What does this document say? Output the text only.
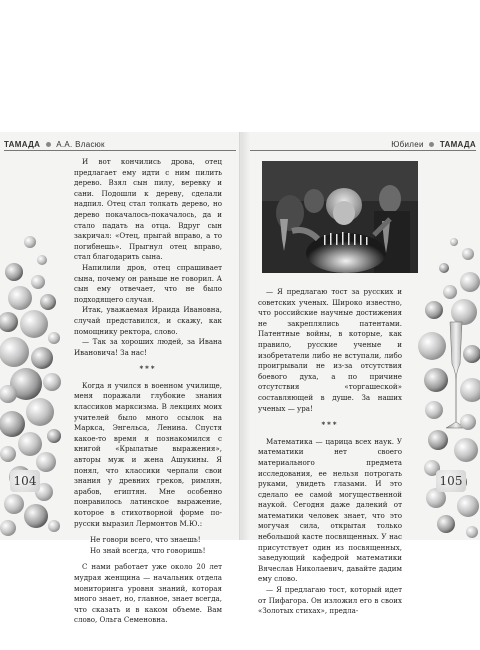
ТАМАДА А.А. Власюк	Юбилеи ТАМАДА

И вот кончились дрова, отец предлагает ему идти с ним пилить дерево. Взял сын пилу, веревку и сани. Подошли к дереву, сделали надпил. Отец стал толкать дерево, но дерево покачалось-покачалось, да и стало падать на отца. Вдруг сын закричал: «Отец, прыгай вправо, а то погибнешь». Прыгнул отец вправо, стал благодарить сына.

Напилили дров, отец спрашивает сына, почему он раньше не говорил. А сын ему отвечает, что не было подходящего случая.

Итак, уважаемая Ираида Ивановна, случай представился, и скажу, как помощнику ректора, слово.

— Так за хороших людей, за Ивана Ивановича! За нас!

***

Когда я учился в военном училище, меня поражали глубокие знания классиков марксизма. В лекциях моих учителей было много ссылок на Маркса, Энгельса, Ленина. Спустя какое-то время я познакомился с книгой «Крылатые выражения», авторы муж и жена Ашукины. Я понял, что классики черпали свои знания у древних греков, римлян, арабов, египтян. Мне особенно понравилось латинское выражение, которое в стихотворной форме по-русски выразил Лермонтов М.Ю.:

Не говори всего, что знаешь!

Но знай всегда, что говоришь!

С нами работает уже около 20 лет мудрая женщина — начальник отдела мониторинга уровня знаний, которая много знает, но, главное, знает всегда, что сказать и в каком объеме. Вам слово, Ольга Семеновна.

— Я предлагаю тост за русских и советских ученых. Широко известно, что российские научные достижения не закреплялись патентами. Патентные войны, в которые, как правило, русские ученые и изобретатели либо не вступали, либо проигрывали не из-за отсутствия боевого духа, а по причине отсутствия «торгашеской» составляющей в душе. За наших ученых — ура!

***

Математика — царица всех наук. У математики нет своего материального предмета исследования, ее нельзя потрогать руками, увидеть глазами. И это сделало ее самой могущественной наукой. Сегодня даже далекий от математики человек знает, что это могучая сила, открытая только небольшой касте посвященных. У нас присутствует один из посвященных, заведующий кафедрой математики Вячеслав Николаевич, давайте дадим ему слово.

— Я предлагаю тост, который идет от Пифагора. Он изложил его в своих «Золотых стихах», предла-

104	105
